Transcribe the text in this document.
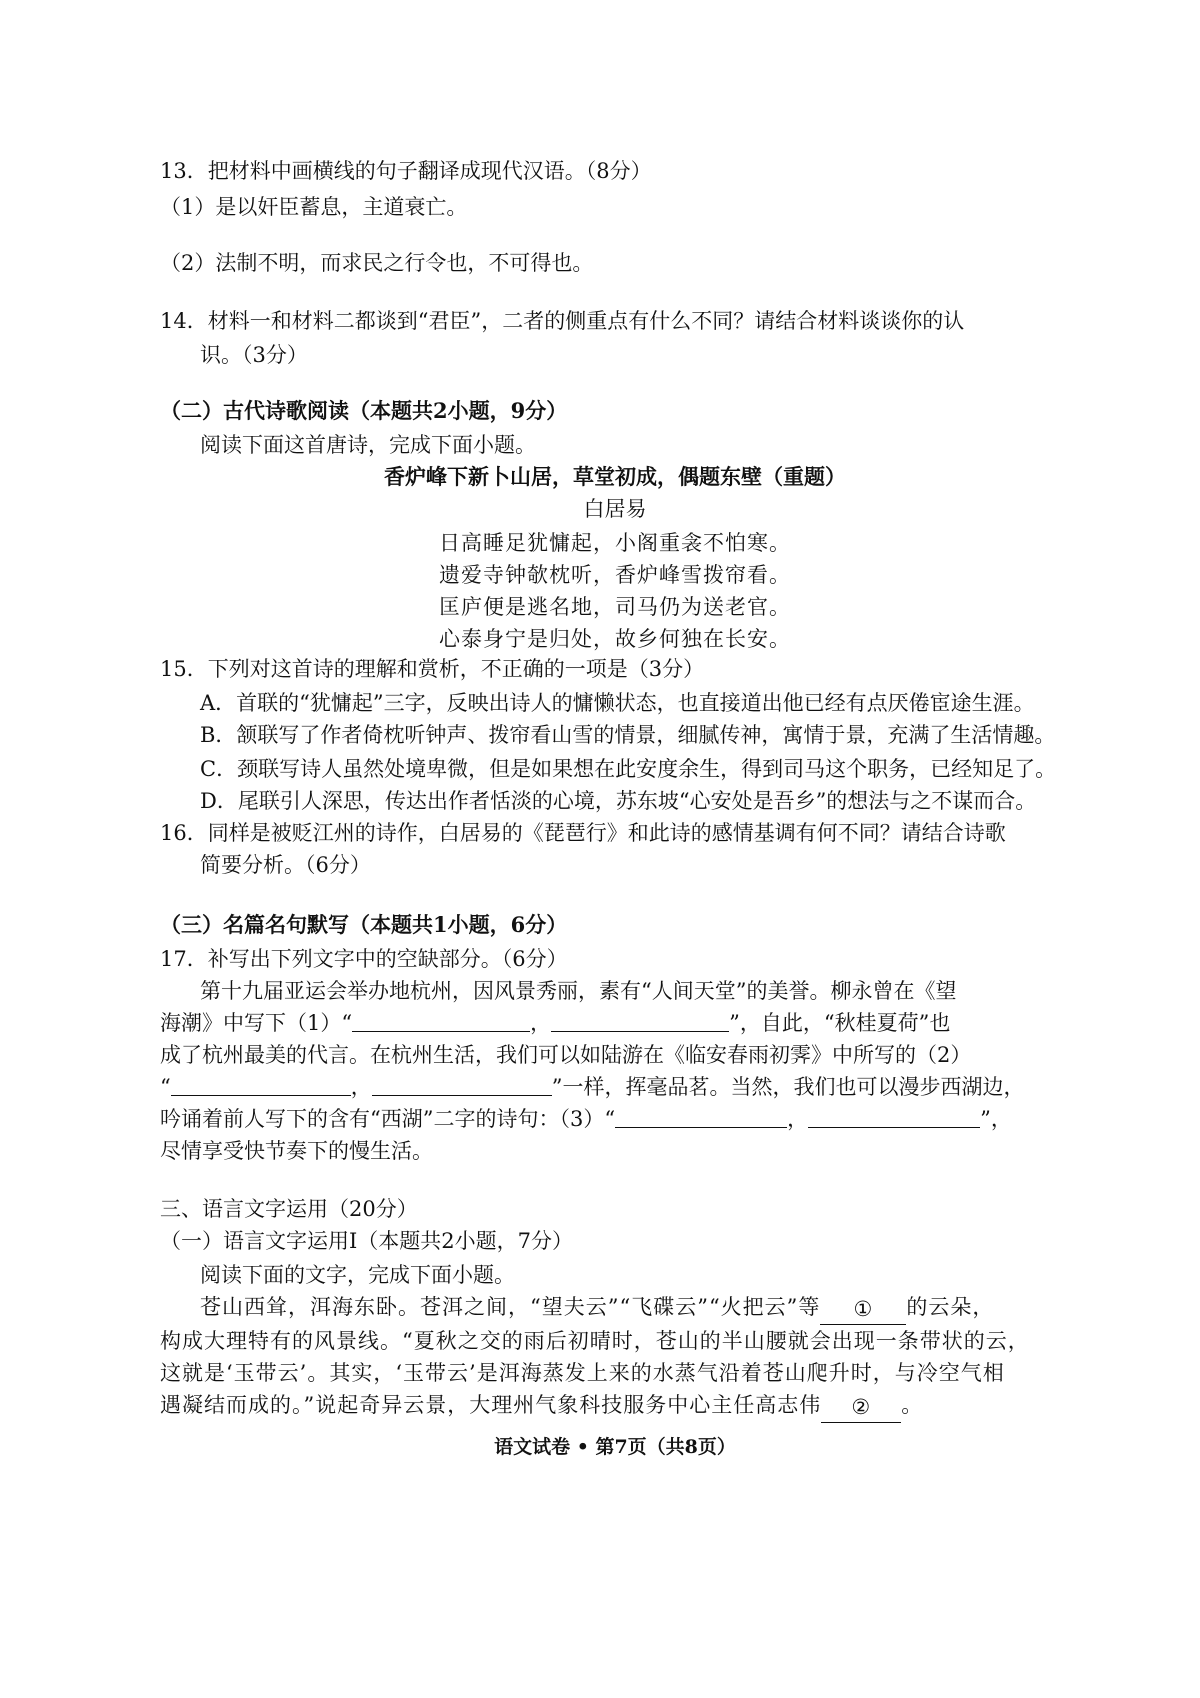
13．把材料中画横线的句子翻译成现代汉语。（8分）
（1）是以奸臣蓄息，主道衰亡。
（2）法制不明，而求民之行令也，不可得也。
14．材料一和材料二都谈到“君臣”，二者的侧重点有什么不同？请结合材料谈谈你的认
识。（3分）
（二）古代诗歌阅读（本题共2小题，9分）
阅读下面这首唐诗，完成下面小题。
香炉峰下新卜山居，草堂初成，偶题东壁（重题）
白居易
日高睡足犹慵起，小阁重衾不怕寒。
遗爱寺钟欹枕听，香炉峰雪拨帘看。
匡庐便是逃名地，司马仍为送老官。
心泰身宁是归处，故乡何独在长安。
15．下列对这首诗的理解和赏析，不正确的一项是（3分）
A．首联的“犹慵起”三字，反映出诗人的慵懒状态，也直接道出他已经有点厌倦宦途生涯。
B．颔联写了作者倚枕听钟声、拨帘看山雪的情景，细腻传神，寓情于景，充满了生活情趣。
C．颈联写诗人虽然处境卑微，但是如果想在此安度余生，得到司马这个职务，已经知足了。
D．尾联引人深思，传达出作者恬淡的心境，苏东坡“心安处是吾乡”的想法与之不谋而合。
16．同样是被贬江州的诗作，白居易的《琵琶行》和此诗的感情基调有何不同？请结合诗歌
简要分析。（6分）
（三）名篇名句默写（本题共1小题，6分）
17．补写出下列文字中的空缺部分。（6分）
第十九届亚运会举办地杭州，因风景秀丽，素有“人间天堂”的美誉。柳永曾在《望
海潮》中写下（1）“	，	”，自此，“秋桂夏荷”也
成了杭州最美的代言。在杭州生活，我们可以如陆游在《临安春雨初霁》中所写的（2）
“	，	”一样，挥毫品茗。当然，我们也可以漫步西湖边，
吟诵着前人写下的含有“西湖”二字的诗句：（3）“	，	”，
尽情享受快节奏下的慢生活。
三、语言文字运用（20分）
（一）语言文字运用Ⅰ（本题共2小题，7分）
阅读下面的文字，完成下面小题。
苍山西耸，洱海东卧。苍洱之间，“望夫云”“飞碟云”“火把云”等 ① 的云朵，
构成大理特有的风景线。“夏秋之交的雨后初晴时，苍山的半山腰就会出现一条带状的云，
这就是‘玉带云’。其实，‘玉带云’是洱海蒸发上来的水蒸气沿着苍山爬升时，与冷空气相
遇凝结而成的。”说起奇异云景，大理州气象科技服务中心主任高志伟 ② 。
语文试卷 • 第7页（共8页）
